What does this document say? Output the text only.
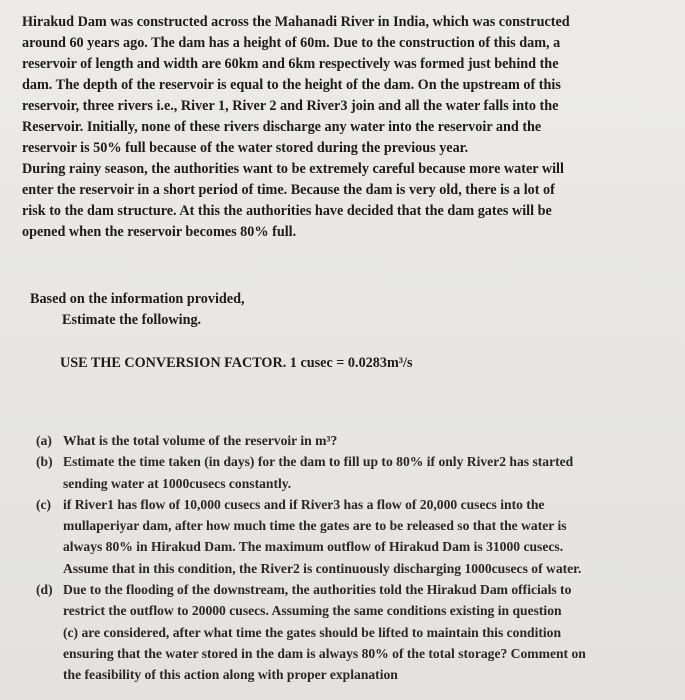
Hirakud Dam was constructed across the Mahanadi River in India, which was constructed
around 60 years ago. The dam has a height of 60m. Due to the construction of this dam, a
reservoir of length and width are 60km and 6km respectively was formed just behind the
dam. The depth of the reservoir is equal to the height of the dam. On the upstream of this
reservoir, three rivers i.e., River 1, River 2 and River3 join and all the water falls into the
Reservoir. Initially, none of these rivers discharge any water into the reservoir and the
reservoir is 50% full because of the water stored during the previous year.
During rainy season, the authorities want to be extremely careful because more water will
enter the reservoir in a short period of time. Because the dam is very old, there is a lot of
risk to the dam structure. At this the authorities have decided that the dam gates will be
opened when the reservoir becomes 80% full.
Based on the information provided,
Estimate the following.
USE THE CONVERSION FACTOR. 1 cusec = 0.0283m³/s
(a) What is the total volume of the reservoir in m³?
(b) Estimate the time taken (in days) for the dam to fill up to 80% if only River2 has started
sending water at 1000cusecs constantly.
(c) if River1 has flow of 10,000 cusecs and if River3 has a flow of 20,000 cusecs into the
mullaperiyar dam, after how much time the gates are to be released so that the water is
always 80% in Hirakud Dam. The maximum outflow of Hirakud Dam is 31000 cusecs.
Assume that in this condition, the River2 is continuously discharging 1000cusecs of water.
(d) Due to the flooding of the downstream, the authorities told the Hirakud Dam officials to
restrict the outflow to 20000 cusecs. Assuming the same conditions existing in question
(c) are considered, after what time the gates should be lifted to maintain this condition
ensuring that the water stored in the dam is always 80% of the total storage? Comment on
the feasibility of this action along with proper explanation
